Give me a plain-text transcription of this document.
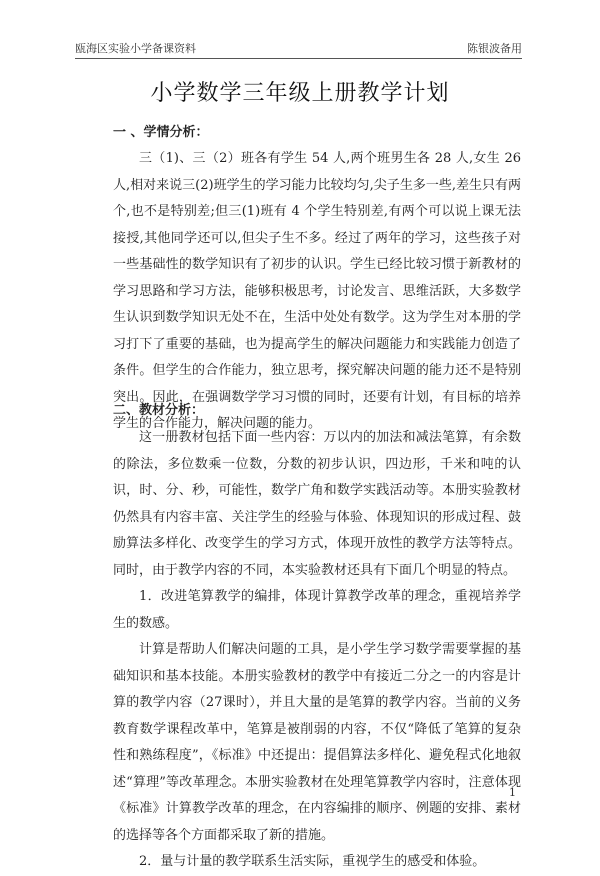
瓯海区实验小学备课资料	陈银波备用
小学数学三年级上册教学计划
一 、学情分析：

三（1)、三（2）班各有学生 54 人,两个班男生各 28 人,女生 26 人,相对来说三(2)班学生的学习能力比较均匀,尖子生多一些,差生只有两个,也不是特别差;但三(1)班有 4 个学生特别差,有两个可以说上课无法接授,其他同学还可以,但尖子生不多。经过了两年的学习，这些孩子对一些基础性的数学知识有了初步的认识。学生已经比较习惯于新教材的学习思路和学习方法，能够积极思考，讨论发言、思维活跃，大多数学生认识到数学知识无处不在，生活中处处有数学。这为学生对本册的学习打下了重要的基础，也为提高学生的解决问题能力和实践能力创造了条件。但学生的合作能力，独立思考，探究解决问题的能力还不是特别突出。因此，在强调数学学习习惯的同时，还要有计划，有目标的培养学生的合作能力，解决问题的能力。

二、教材分析：

这一册教材包括下面一些内容：万以内的加法和减法笔算，有余数的除法，多位数乘一位数，分数的初步认识，四边形，千米和吨的认识，时、分、秒，可能性，数学广角和数学实践活动等。本册实验教材仍然具有内容丰富、关注学生的经验与体验、体现知识的形成过程、鼓励算法多样化、改变学生的学习方式，体现开放性的教学方法等特点。同时，由于教学内容的不同，本实验教材还具有下面几个明显的特点。

1．改进笔算教学的编排，体现计算教学改革的理念，重视培养学生的数感。

计算是帮助人们解决问题的工具，是小学生学习数学需要掌握的基础知识和基本技能。本册实验教材的教学中有接近二分之一的内容是计算的教学内容（27课时），并且大量的是笔算的教学内容。当前的义务教育数学课程改革中，笔算是被削弱的内容，不仅“降低了笔算的复杂性和熟练程度”，《标准》中还提出：提倡算法多样化、避免程式化地叙述“算理”等改革理念。本册实验教材在处理笔算教学内容时，注意体现《标准》计算教学改革的理念，在内容编排的顺序、例题的安排、素材的选择等各个方面都采取了新的措施。

2．量与计量的教学联系生活实际，重视学生的感受和体验。

1
